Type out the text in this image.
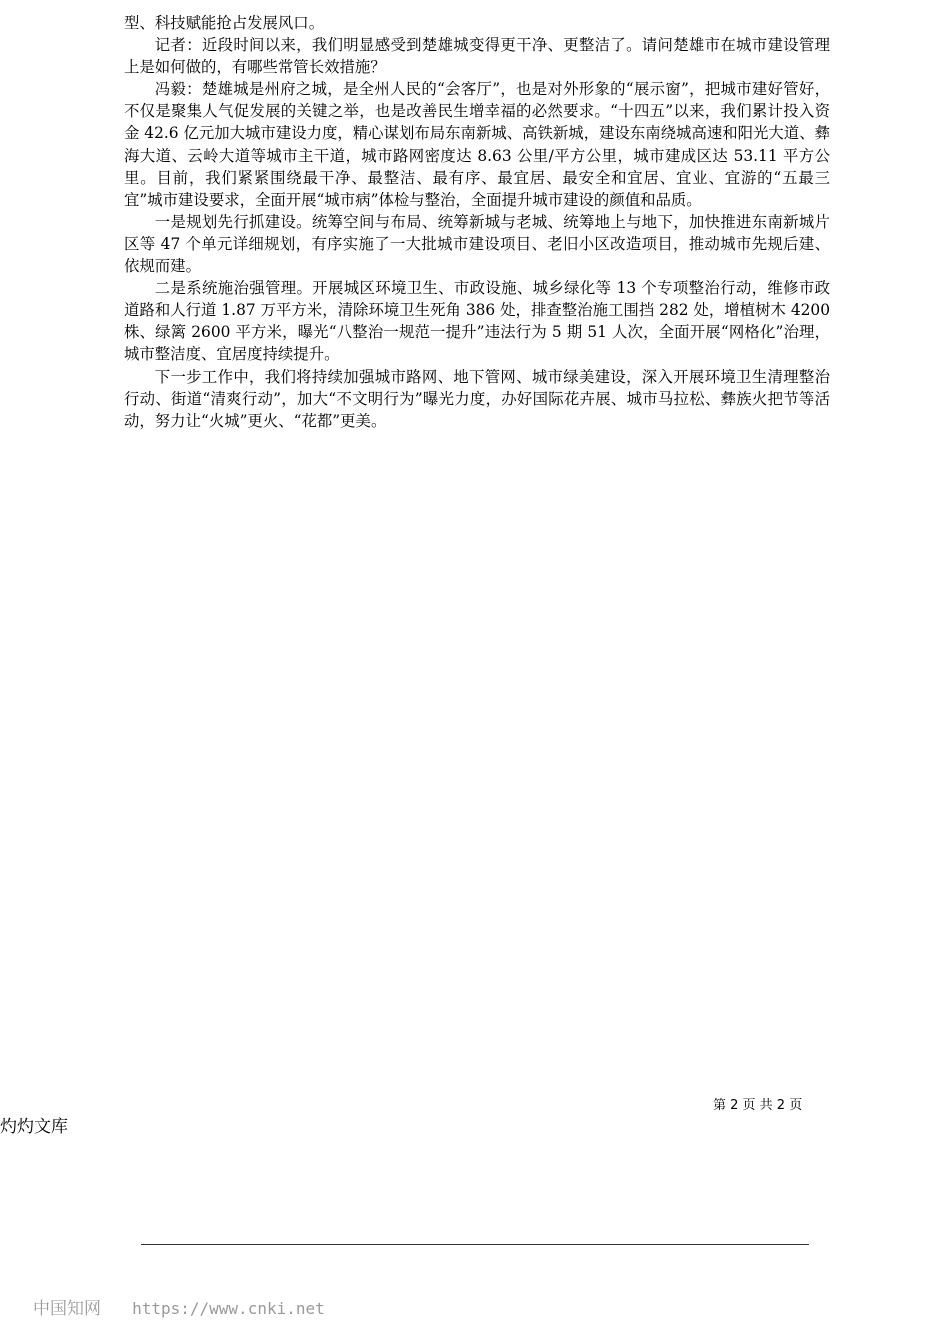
型、科技赋能抢占发展风口。

记者：近段时间以来，我们明显感受到楚雄城变得更干净、更整洁了。请问楚雄市在城市建设管理上是如何做的，有哪些常管长效措施？

冯毅：楚雄城是州府之城，是全州人民的“会客厅”，也是对外形象的“展示窗”，把城市建好管好，不仅是聚集人气促发展的关键之举，也是改善民生增幸福的必然要求。“十四五”以来，我们累计投入资金 42.6 亿元加大城市建设力度，精心谋划布局东南新城、高铁新城，建设东南绕城高速和阳光大道、彝海大道、云岭大道等城市主干道，城市路网密度达 8.63 公里/平方公里，城市建成区达 53.11 平方公里。目前，我们紧紧围绕最干净、最整洁、最有序、最宜居、最安全和宜居、宜业、宜游的“五最三宜”城市建设要求，全面开展“城市病”体检与整治，全面提升城市建设的颜值和品质。

一是规划先行抓建设。统筹空间与布局、统筹新城与老城、统筹地上与地下，加快推进东南新城片区等 47 个单元详细规划，有序实施了一大批城市建设项目、老旧小区改造项目，推动城市先规后建、依规而建。

二是系统施治强管理。开展城区环境卫生、市政设施、城乡绿化等 13 个专项整治行动，维修市政道路和人行道 1.87 万平方米，清除环境卫生死角 386 处，排查整治施工围挡 282 处，增植树木 4200 株、绿篱 2600 平方米，曝光“八整治一规范一提升”违法行为 5 期 51 人次，全面开展“网格化”治理，城市整洁度、宜居度持续提升。

下一步工作中，我们将持续加强城市路网、地下管网、城市绿美建设，深入开展环境卫生清理整治行动、街道“清爽行动”，加大“不文明行为”曝光力度，办好国际花卉展、城市马拉松、彝族火把节等活动，努力让“火城”更火、“花都”更美。

第 2 页 共 2 页
灼灼文库
中国知网 https://www.cnki.net
